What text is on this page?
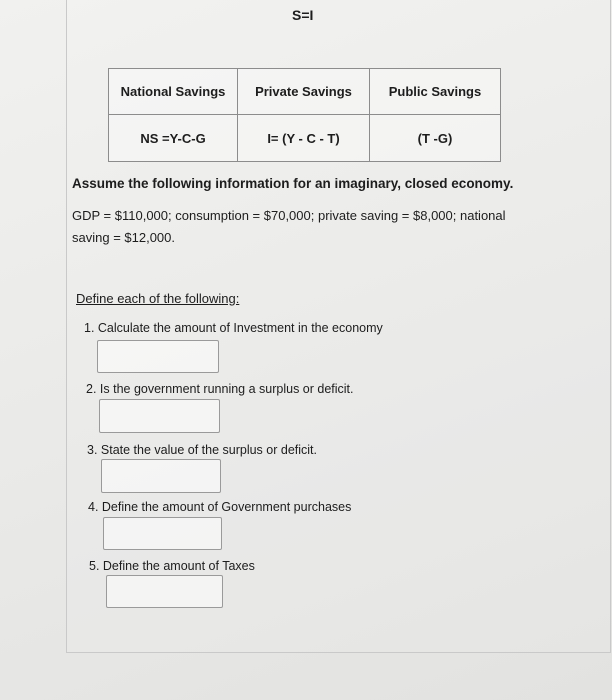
S=I
National Savings	Private Savings	Public Savings
NS =Y-C-G	I= (Y - C - T)	(T -G)
Assume the following information for an imaginary, closed economy.
GDP = $110,000; consumption = $70,000; private saving = $8,000; national saving = $12,000.
Define each of the following:
1. Calculate the amount of Investment in the economy
2. Is the government running a surplus or deficit.
3. State the value of the surplus or deficit.
4. Define the amount of Government purchases
5. Define the amount of Taxes
